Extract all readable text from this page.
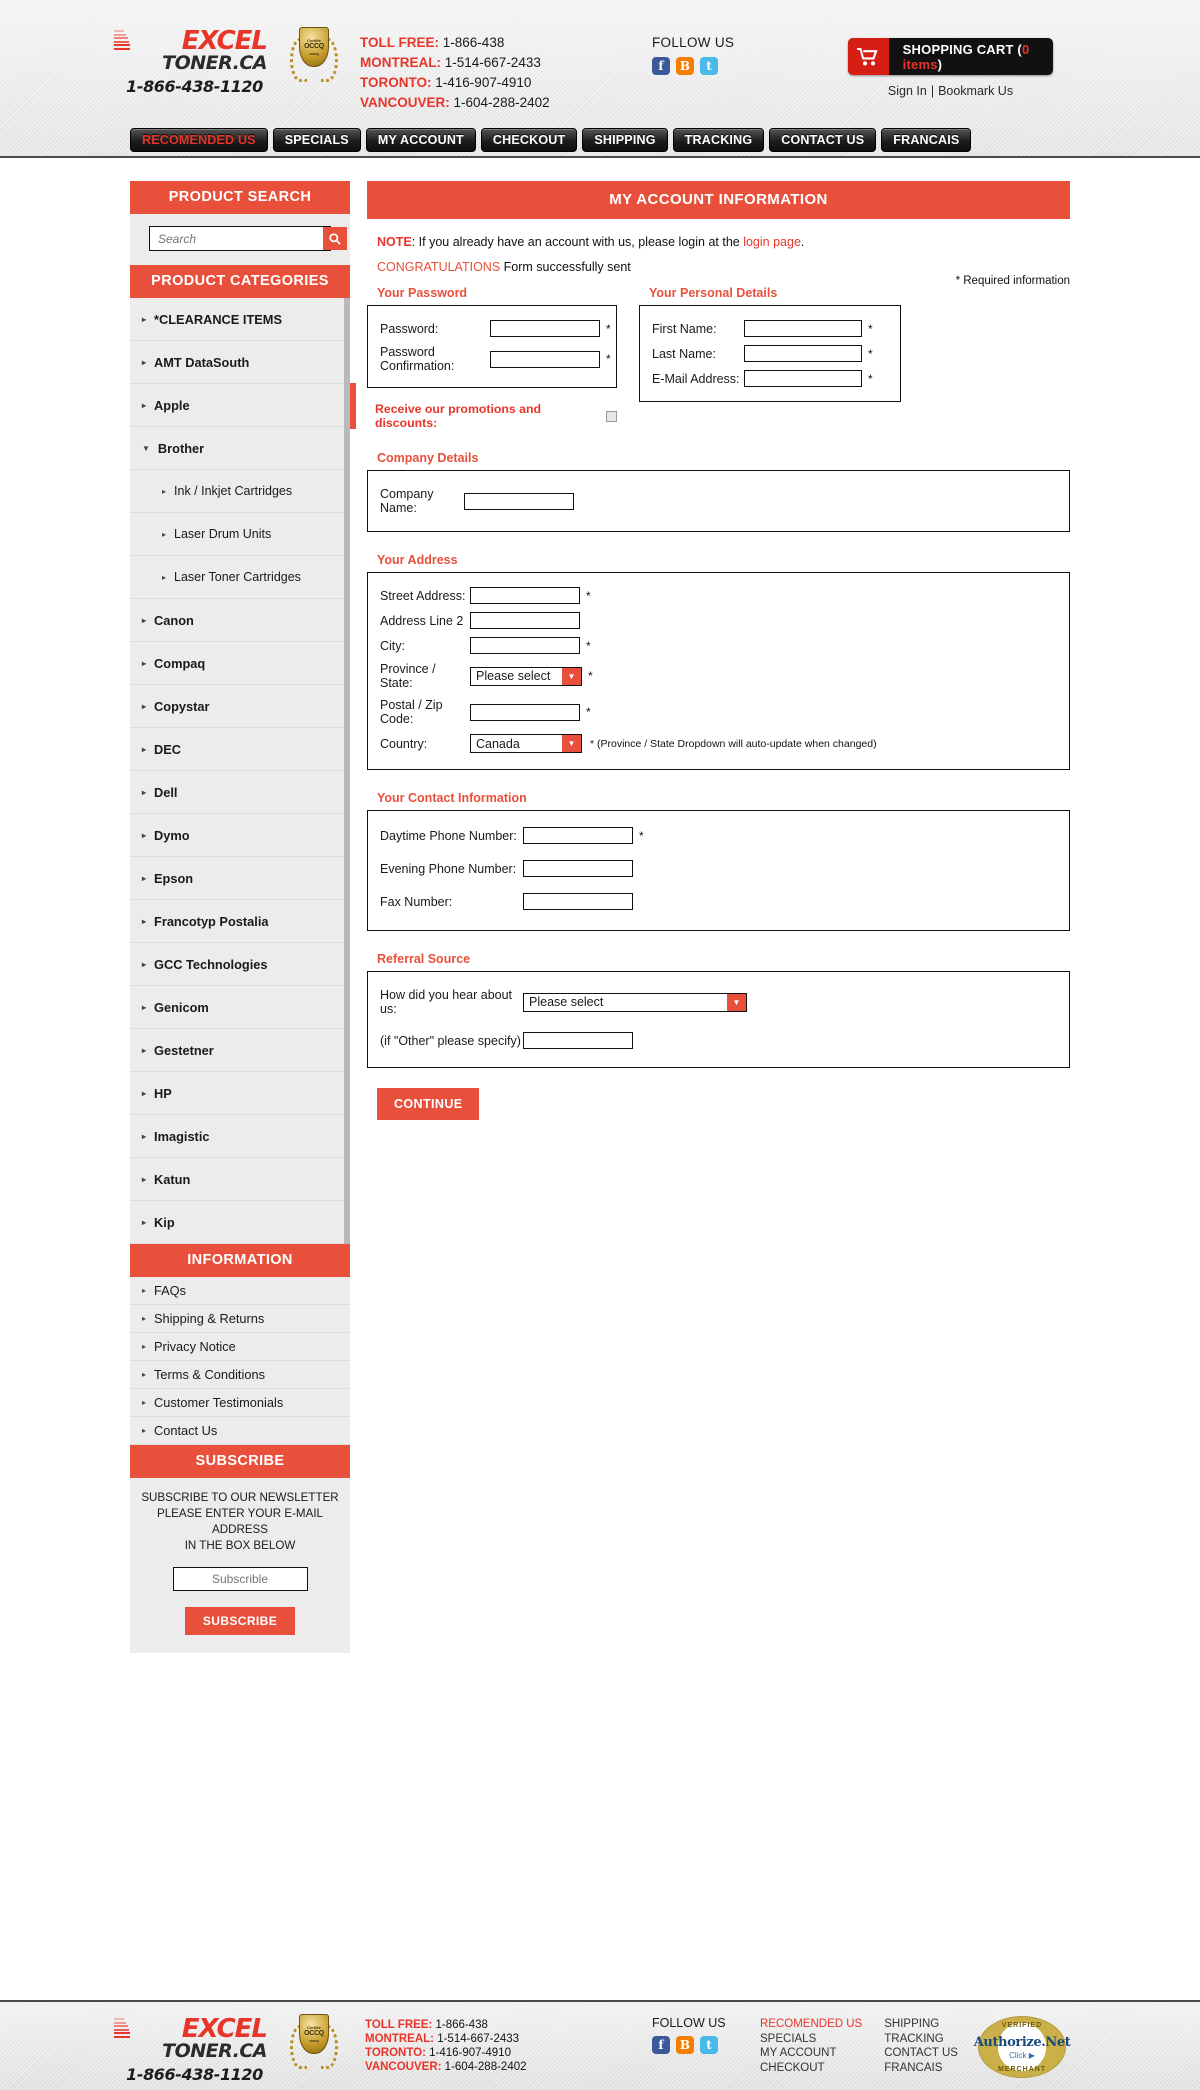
EXCEL
TONER.CA
1-866-438-1120
Certifié
OCCQ
occq
TOLL FREE: 1-866-438
MONTREAL: 1-514-667-2433
TORONTO: 1-416-907-4910
VANCOUVER: 1-604-288-2402
FOLLOW US
f	B	t
SHOPPING CART (0 items)
Sign In | Bookmark Us
RECOMENDED US	SPECIALS	MY ACCOUNT	CHECKOUT	SHIPPING	TRACKING	CONTACT US	FRANCAIS
PRODUCT SEARCH
Search
PRODUCT CATEGORIES
▸ *CLEARANCE ITEMS
▸ AMT DataSouth
▸ Apple
▼ Brother
▸ Ink / Inkjet Cartridges
▸ Laser Drum Units
▸ Laser Toner Cartridges
▸ Canon
▸ Compaq
▸ Copystar
▸ DEC
▸ Dell
▸ Dymo
▸ Epson
▸ Francotyp Postalia
▸ GCC Technologies
▸ Genicom
▸ Gestetner
▸ HP
▸ Imagistic
▸ Katun
▸ Kip
INFORMATION
▸ FAQs
▸ Shipping & Returns
▸ Privacy Notice
▸ Terms & Conditions
▸ Customer Testimonials
▸ Contact Us
SUBSCRIBE

SUBSCRIBE TO OUR NEWSLETTER

PLEASE ENTER YOUR E-MAIL ADDRESS

IN THE BOX BELOW

Subscrible
SUBSCRIBE
MY ACCOUNT INFORMATION
NOTE: If you already have an account with us, please login at the login page.
CONGRATULATIONS Form successfully sent
* Required information
Your Password
Password:	*
Password Confirmation:	*
Receive our promotions and discounts:
Your Personal Details
First Name:	*
Last Name:	*
E-Mail Address:	*
Company Details
Company Name:
Your Address
Street Address:	*
Address Line 2
City:	*
Province / State:	Please select	▼	*
Postal / Zip Code:	*
Country:	Canada	▼	* (Province / State Dropdown will auto-update when changed)
Your Contact Information
Daytime Phone Number:	*
Evening Phone Number:
Fax Number:
Referral Source
How did you hear about us:	Please select	▼
(if "Other" please specify)
CONTINUE
EXCEL
TONER.CA
1-866-438-1120
Certifié
OCCQ
occq
TOLL FREE: 1-866-438
MONTREAL: 1-514-667-2433
TORONTO: 1-416-907-4910
VANCOUVER: 1-604-288-2402
FOLLOW US
f	B	t
RECOMENDED US
SPECIALS
MY ACCOUNT
CHECKOUT
SHIPPING
TRACKING
CONTACT US
FRANCAIS
VERIFIED
Authorize.Net
Click ▶
MERCHANT
